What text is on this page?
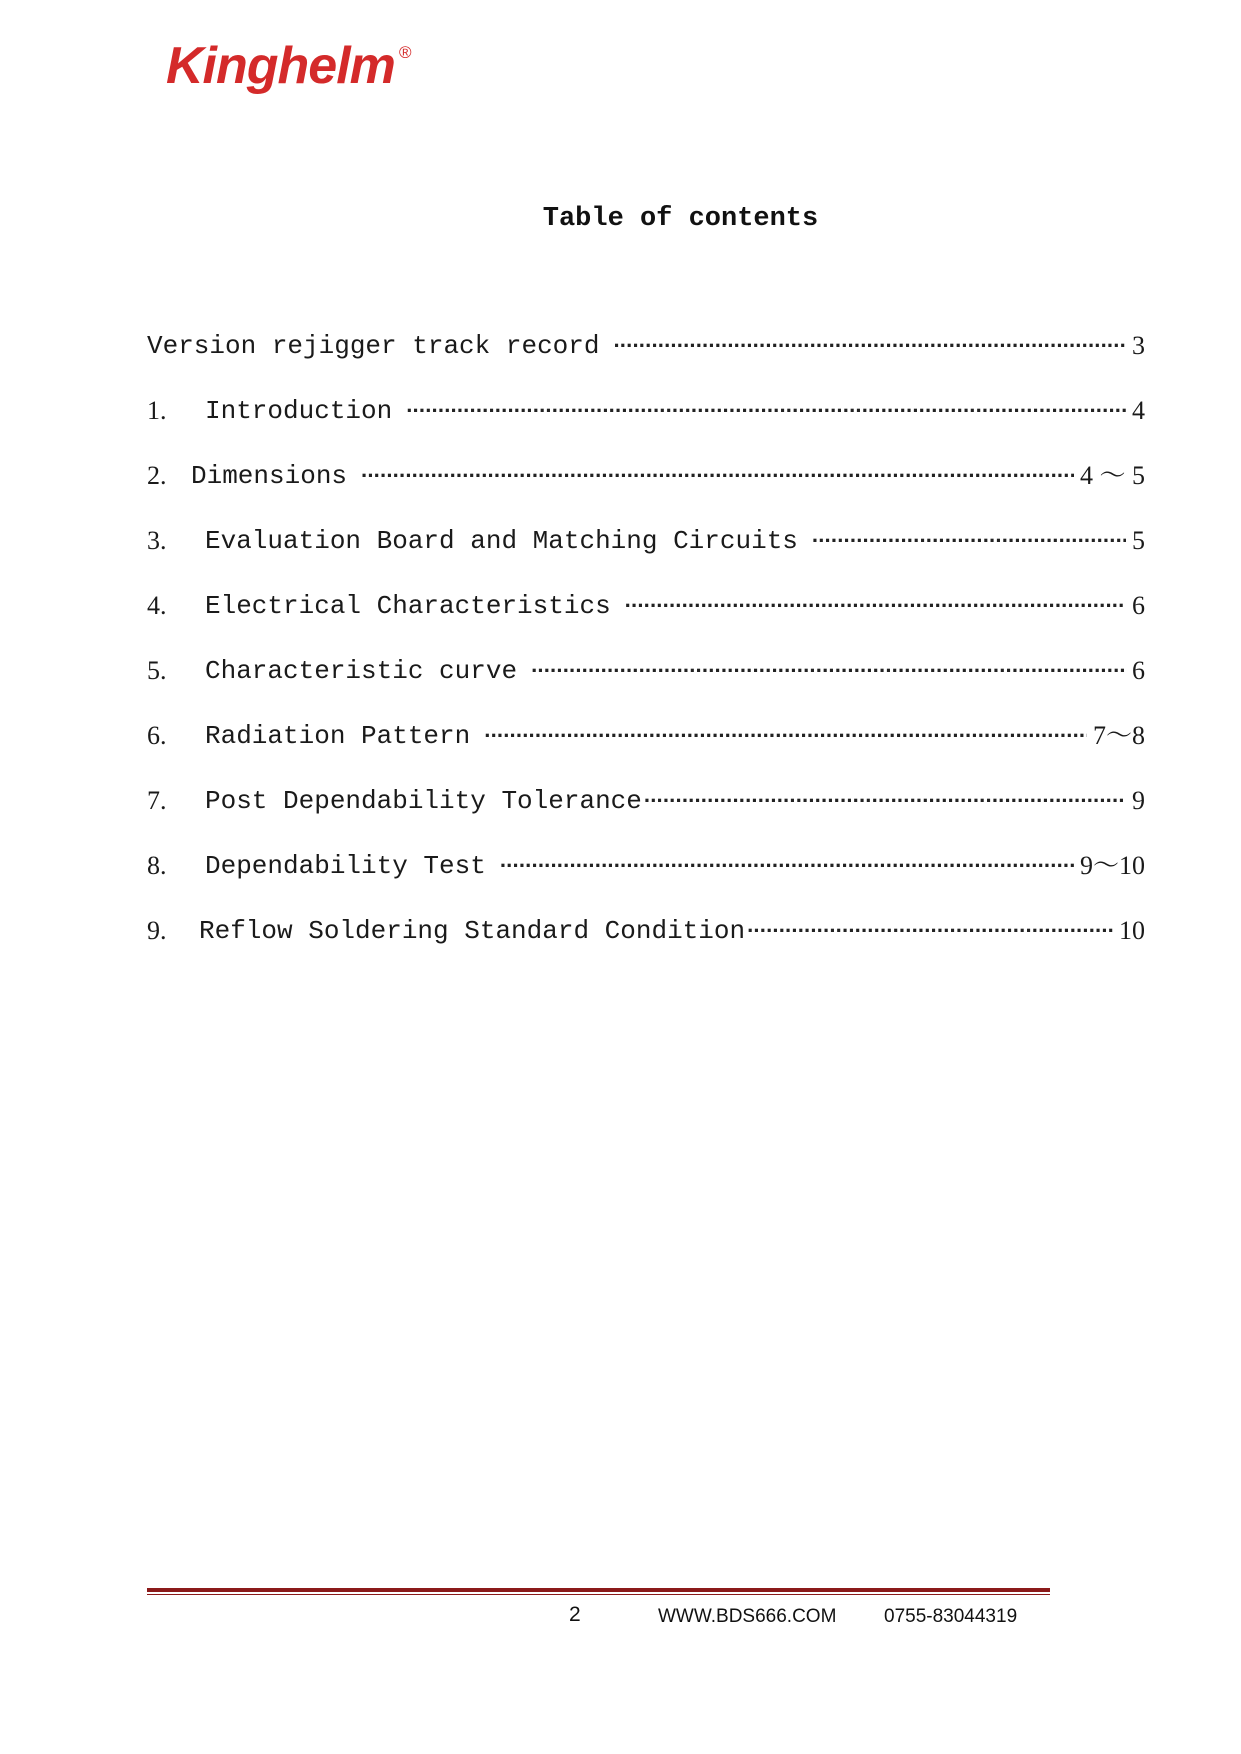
Kinghelm ®
Table of contents
Version rejigger track record ·····	3
1.	Introduction ·····	4
2. Dimensions ·····	4 ～ 5
3.	Evaluation Board and Matching Circuits ·····	5
4.	Electrical Characteristics ·····	6
5.	Characteristic curve ·····	6
6.	Radiation Pattern ·····	7～8
7.	Post Dependability Tolerance ·····	9
8.	Dependability Test ·····	9～10
9.	Reflow Soldering Standard Condition ·····	10
2	WWW.BDS666.COM	0755-83044319
